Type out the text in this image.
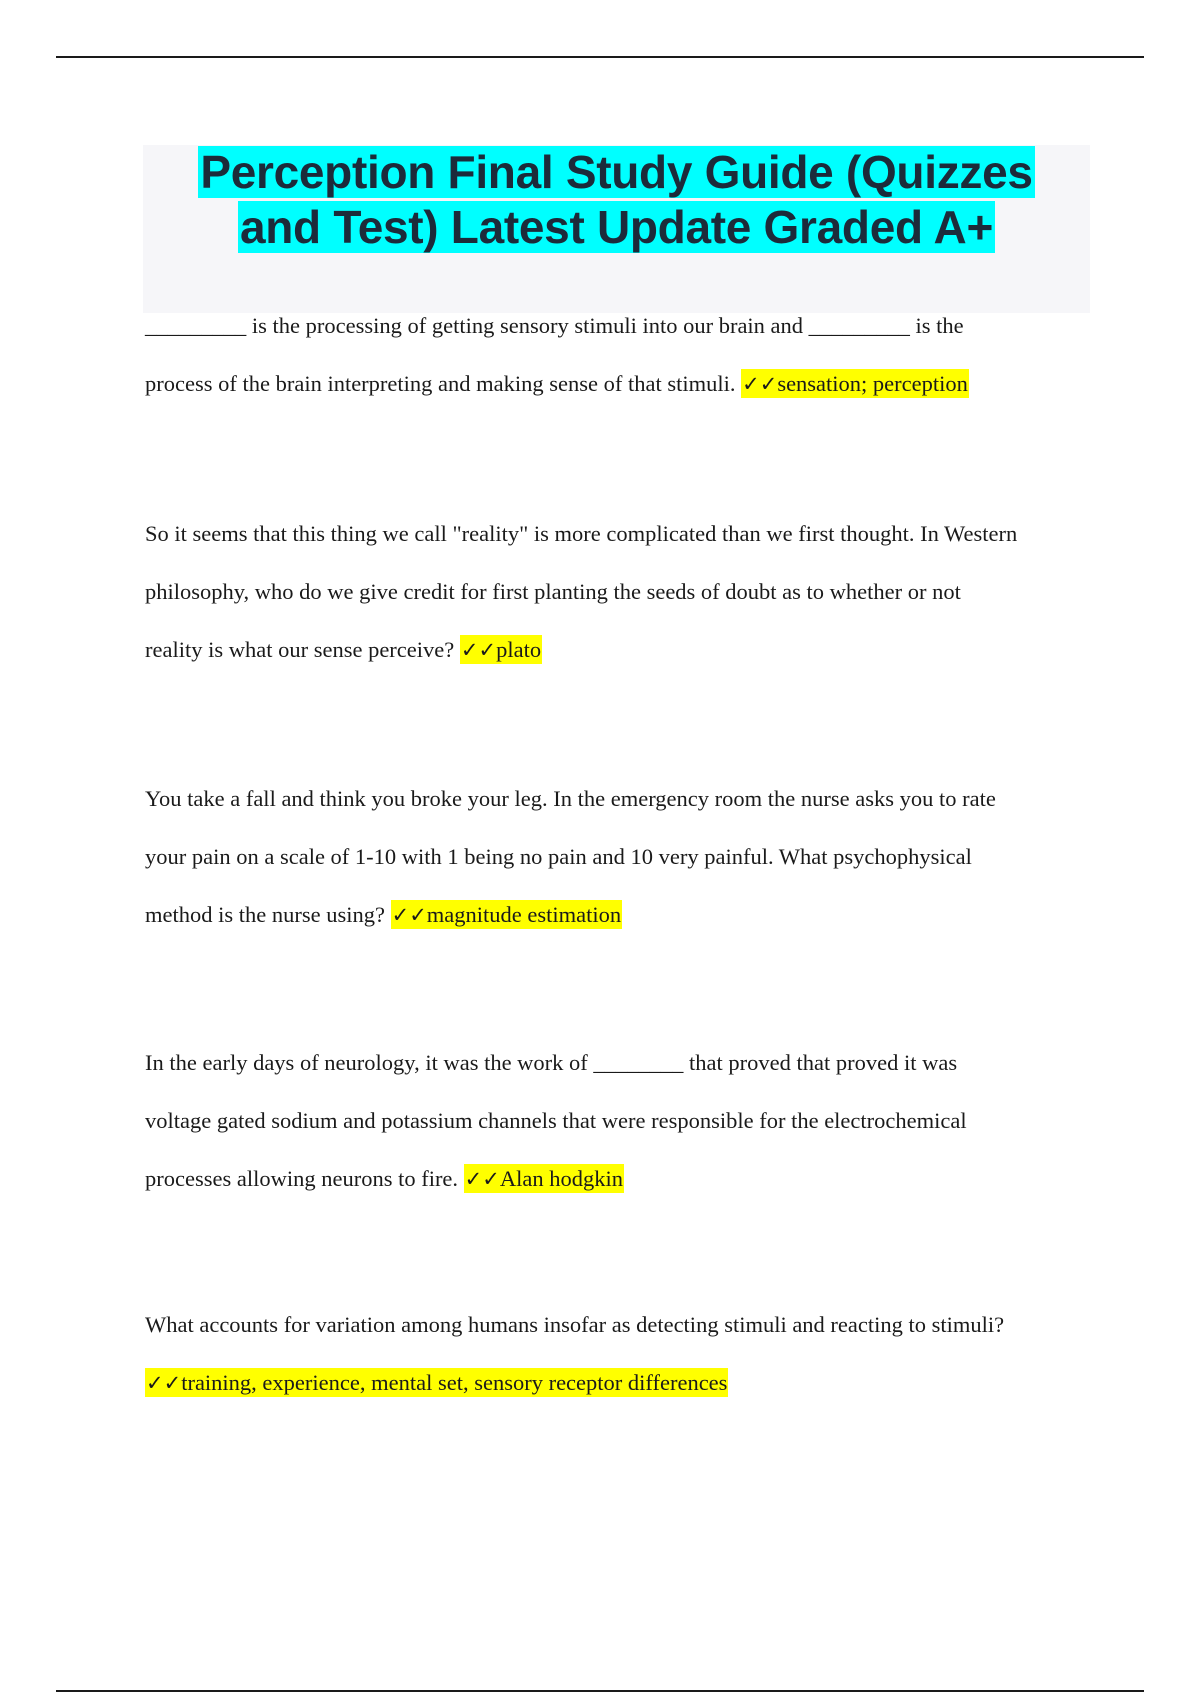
Perception Final Study Guide (Quizzes
and Test) Latest Update Graded A+
_________ is the processing of getting sensory stimuli into our brain and _________ is the
process of the brain interpreting and making sense of that stimuli. ✓✓sensation; perception
So it seems that this thing we call "reality" is more complicated than we first thought. In Western
philosophy, who do we give credit for first planting the seeds of doubt as to whether or not
reality is what our sense perceive? ✓✓plato
You take a fall and think you broke your leg. In the emergency room the nurse asks you to rate
your pain on a scale of 1-10 with 1 being no pain and 10 very painful. What psychophysical
method is the nurse using? ✓✓magnitude estimation
In the early days of neurology, it was the work of ________ that proved that proved it was
voltage gated sodium and potassium channels that were responsible for the electrochemical
processes allowing neurons to fire. ✓✓Alan hodgkin
What accounts for variation among humans insofar as detecting stimuli and reacting to stimuli?
✓✓training, experience, mental set, sensory receptor differences
